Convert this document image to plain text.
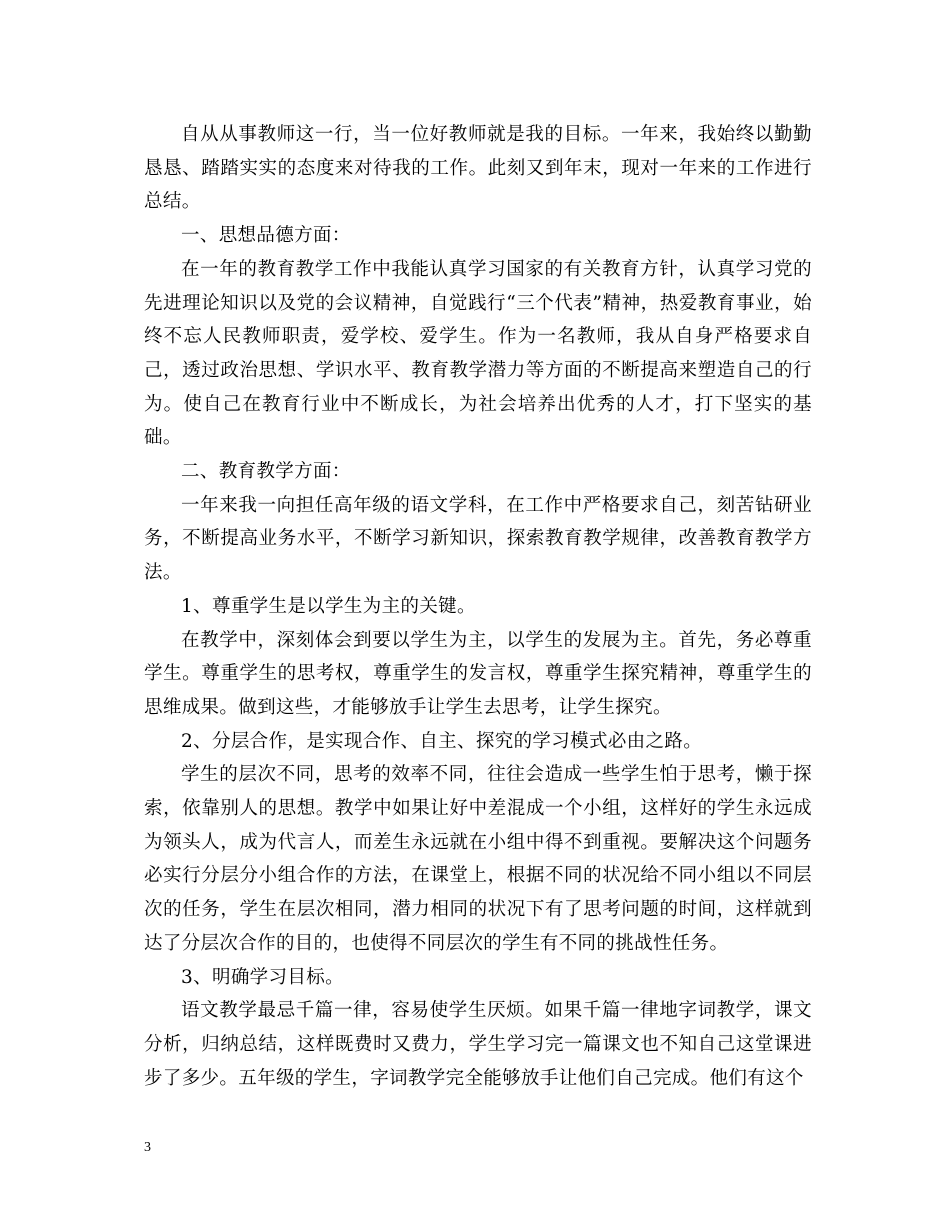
自从从事教师这一行，当一位好教师就是我的目标。一年来，我始终以勤勤恳恳、踏踏实实的态度来对待我的工作。此刻又到年末，现对一年来的工作进行总结。

一、思想品德方面：

在一年的教育教学工作中我能认真学习国家的有关教育方针，认真学习党的先进理论知识以及党的会议精神，自觉践行“三个代表”精神，热爱教育事业，始终不忘人民教师职责，爱学校、爱学生。作为一名教师，我从自身严格要求自己，透过政治思想、学识水平、教育教学潜力等方面的不断提高来塑造自己的行为。使自己在教育行业中不断成长，为社会培养出优秀的人才，打下坚实的基础。

二、教育教学方面：

一年来我一向担任高年级的语文学科，在工作中严格要求自己，刻苦钻研业务，不断提高业务水平，不断学习新知识，探索教育教学规律，改善教育教学方法。

1、尊重学生是以学生为主的关键。

在教学中，深刻体会到要以学生为主，以学生的发展为主。首先，务必尊重学生。尊重学生的思考权，尊重学生的发言权，尊重学生探究精神，尊重学生的思维成果。做到这些，才能够放手让学生去思考，让学生探究。

2、分层合作，是实现合作、自主、探究的学习模式必由之路。

学生的层次不同，思考的效率不同，往往会造成一些学生怕于思考，懒于探索，依靠别人的思想。教学中如果让好中差混成一个小组，这样好的学生永远成为领头人，成为代言人，而差生永远就在小组中得不到重视。要解决这个问题务必实行分层分小组合作的方法，在课堂上，根据不同的状况给不同小组以不同层次的任务，学生在层次相同，潜力相同的状况下有了思考问题的时间，这样就到达了分层次合作的目的，也使得不同层次的学生有不同的挑战性任务。

3、明确学习目标。

语文教学最忌千篇一律，容易使学生厌烦。如果千篇一律地字词教学，课文分析，归纳总结，这样既费时又费力，学生学习完一篇课文也不知自己这堂课进步了多少。五年级的学生，字词教学完全能够放手让他们自己完成。他们有这个

3
